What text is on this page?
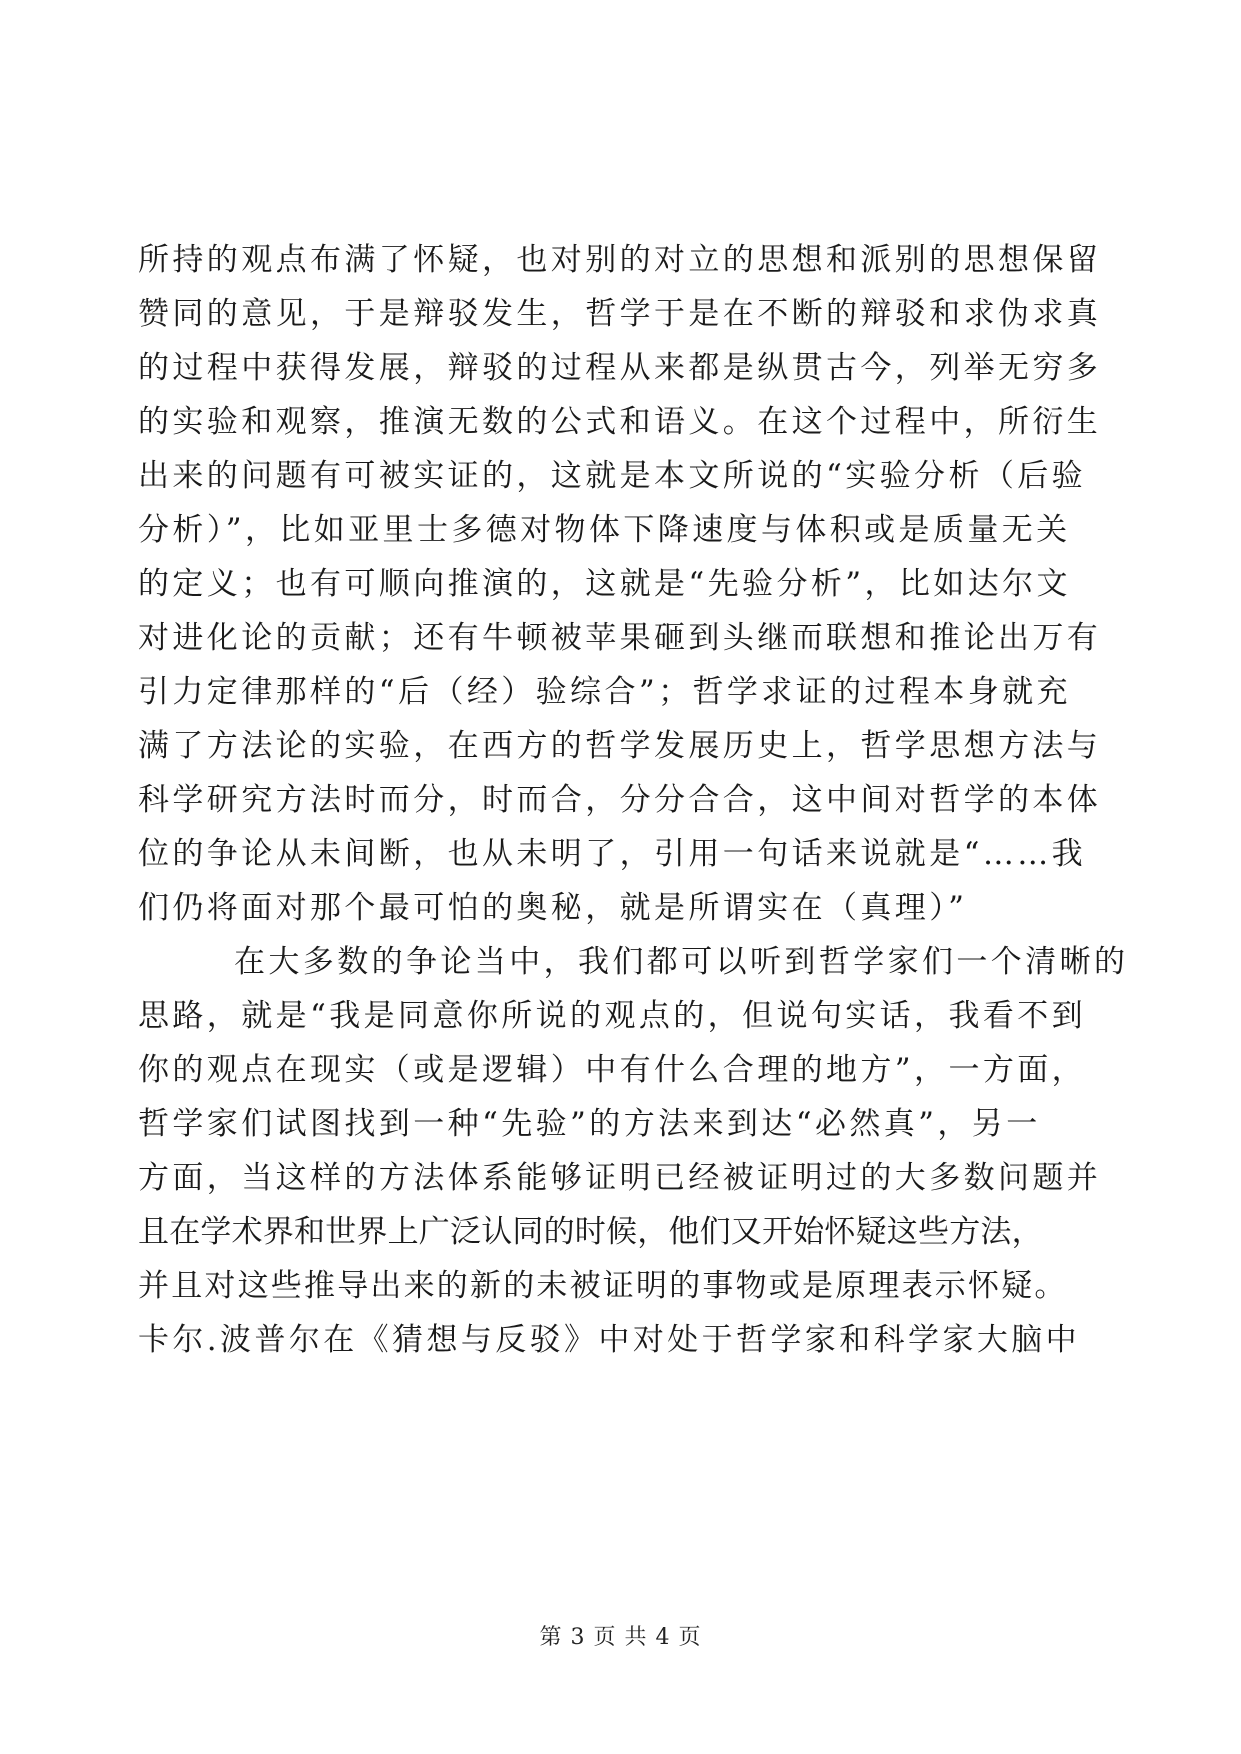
所持的观点布满了怀疑，也对别的对立的思想和派别的思想保留
赞同的意见，于是辩驳发生，哲学于是在不断的辩驳和求伪求真
的过程中获得发展，辩驳的过程从来都是纵贯古今，列举无穷多
的实验和观察，推演无数的公式和语义。在这个过程中，所衍生
出来的问题有可被实证的，这就是本文所说的“实验分析（后验
分析）”，比如亚里士多德对物体下降速度与体积或是质量无关
的定义；也有可顺向推演的，这就是“先验分析”，比如达尔文
对进化论的贡献；还有牛顿被苹果砸到头继而联想和推论出万有
引力定律那样的“后（经）验综合”；哲学求证的过程本身就充
满了方法论的实验，在西方的哲学发展历史上，哲学思想方法与
科学研究方法时而分，时而合，分分合合，这中间对哲学的本体
位的争论从未间断，也从未明了，引用一句话来说就是“……我
们仍将面对那个最可怕的奥秘，就是所谓实在（真理）”
在大多数的争论当中，我们都可以听到哲学家们一个清晰的
思路，就是“我是同意你所说的观点的，但说句实话，我看不到
你的观点在现实（或是逻辑）中有什么合理的地方”，一方面，
哲学家们试图找到一种“先验”的方法来到达“必然真”，另一
方面，当这样的方法体系能够证明已经被证明过的大多数问题并
且在学术界和世界上广泛认同的时候，他们又开始怀疑这些方法，
并且对这些推导出来的新的未被证明的事物或是原理表示怀疑。
卡尔.波普尔在《猜想与反驳》中对处于哲学家和科学家大脑中
第 3 页 共 4 页
